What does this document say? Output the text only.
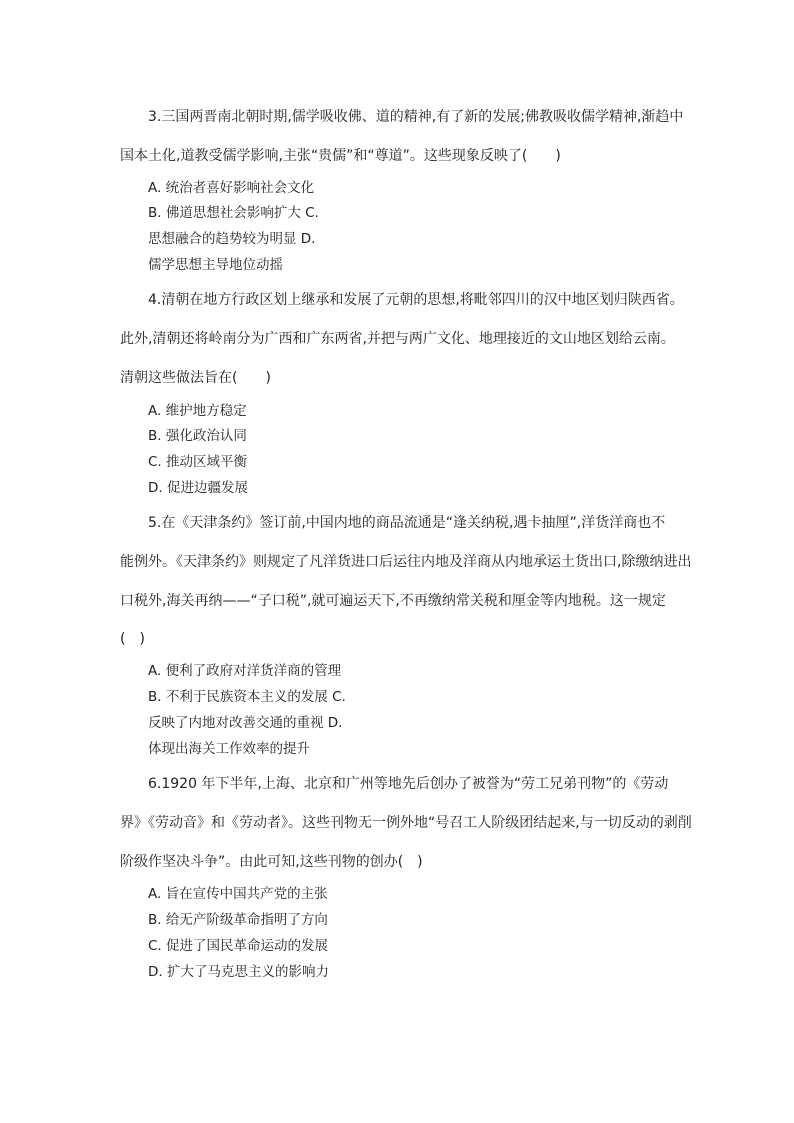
3.三国两晋南北朝时期,儒学吸收佛、道的精神,有了新的发展;佛教吸收儒学精神,渐趋中
国本土化,道教受儒学影响,主张“贵儒”和“尊道”。这些现象反映了(　　)
A. 统治者喜好影响社会文化
B. 佛道思想社会影响扩大 C.
思想融合的趋势较为明显 D.
儒学思想主导地位动摇
4.清朝在地方行政区划上继承和发展了元朝的思想,将毗邻四川的汉中地区划归陕西省。
此外,清朝还将岭南分为广西和广东两省,并把与两广文化、地理接近的文山地区划给云南。
清朝这些做法旨在(　　)
A. 维护地方稳定
B. 强化政治认同
C. 推动区域平衡
D. 促进边疆发展
5.在《天津条约》签订前,中国内地的商品流通是“逢关纳税,遇卡抽厘”,洋货洋商也不
能例外。《天津条约》则规定了凡洋货进口后运往内地及洋商从内地承运土货出口,除缴纳进出
口税外,海关再纳——“子口税”,就可遍运天下,不再缴纳常关税和厘金等内地税。这一规定
(　)
A. 便利了政府对洋货洋商的管理
B. 不利于民族资本主义的发展 C.
反映了内地对改善交通的重视 D.
体现出海关工作效率的提升
6.1920 年下半年,上海、北京和广州等地先后创办了被誉为“劳工兄弟刊物”的《劳动
界》《劳动音》和《劳动者》。这些刊物无一例外地“号召工人阶级团结起来,与一切反动的剥削
阶级作坚决斗争”。由此可知,这些刊物的创办(　)
A. 旨在宣传中国共产党的主张
B. 给无产阶级革命指明了方向
C. 促进了国民革命运动的发展
D. 扩大了马克思主义的影响力
